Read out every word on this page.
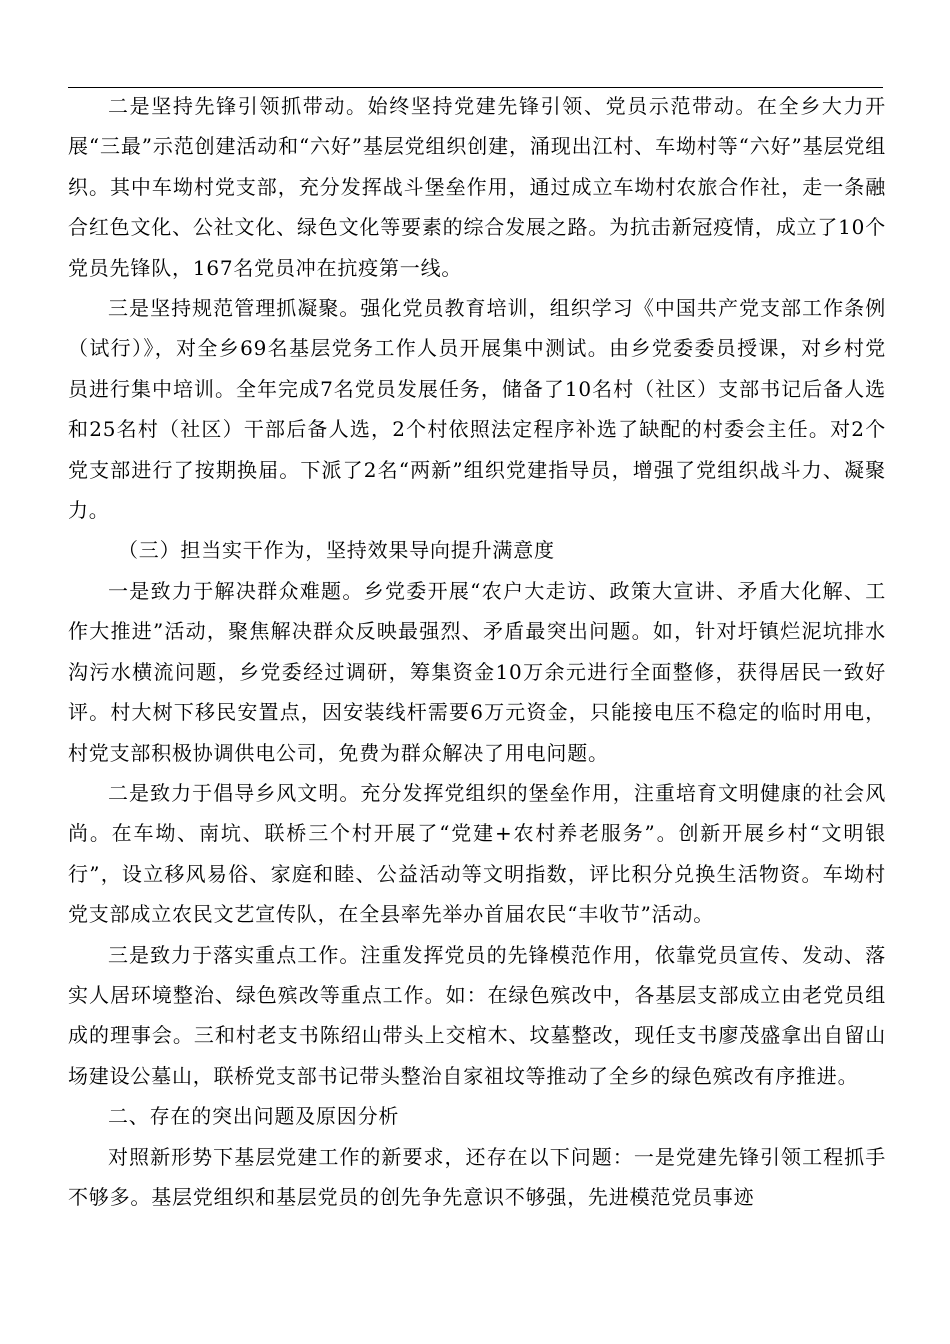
二是坚持先锋引领抓带动。始终坚持党建先锋引领、党员示范带动。在全乡大力开展“三最”示范创建活动和“六好”基层党组织创建，涌现出江村、车坳村等“六好”基层党组织。其中车坳村党支部，充分发挥战斗堡垒作用，通过成立车坳村农旅合作社，走一条融合红色文化、公社文化、绿色文化等要素的综合发展之路。为抗击新冠疫情，成立了10个党员先锋队，167名党员冲在抗疫第一线。

三是坚持规范管理抓凝聚。强化党员教育培训，组织学习《中国共产党支部工作条例（试行）》，对全乡69名基层党务工作人员开展集中测试。由乡党委委员授课，对乡村党员进行集中培训。全年完成7名党员发展任务，储备了10名村（社区）支部书记后备人选和25名村（社区）干部后备人选，2个村依照法定程序补选了缺配的村委会主任。对2个党支部进行了按期换届。下派了2名“两新”组织党建指导员，增强了党组织战斗力、凝聚力。

（三）担当实干作为，坚持效果导向提升满意度

一是致力于解决群众难题。乡党委开展“农户大走访、政策大宣讲、矛盾大化解、工作大推进”活动，聚焦解决群众反映最强烈、矛盾最突出问题。如，针对圩镇烂泥坑排水沟污水横流问题，乡党委经过调研，筹集资金10万余元进行全面整修，获得居民一致好评。村大树下移民安置点，因安装线杆需要6万元资金，只能接电压不稳定的临时用电，村党支部积极协调供电公司，免费为群众解决了用电问题。

二是致力于倡导乡风文明。充分发挥党组织的堡垒作用，注重培育文明健康的社会风尚。在车坳、南坑、联桥三个村开展了“党建+农村养老服务”。创新开展乡村“文明银行”，设立移风易俗、家庭和睦、公益活动等文明指数，评比积分兑换生活物资。车坳村党支部成立农民文艺宣传队，在全县率先举办首届农民“丰收节”活动。

三是致力于落实重点工作。注重发挥党员的先锋模范作用，依靠党员宣传、发动、落实人居环境整治、绿色殡改等重点工作。如：在绿色殡改中，各基层支部成立由老党员组成的理事会。三和村老支书陈绍山带头上交棺木、坟墓整改，现任支书廖茂盛拿出自留山场建设公墓山，联桥党支部书记带头整治自家祖坟等推动了全乡的绿色殡改有序推进。

二、存在的突出问题及原因分析

对照新形势下基层党建工作的新要求，还存在以下问题：一是党建先锋引领工程抓手不够多。基层党组织和基层党员的创先争先意识不够强，先进模范党员事迹
